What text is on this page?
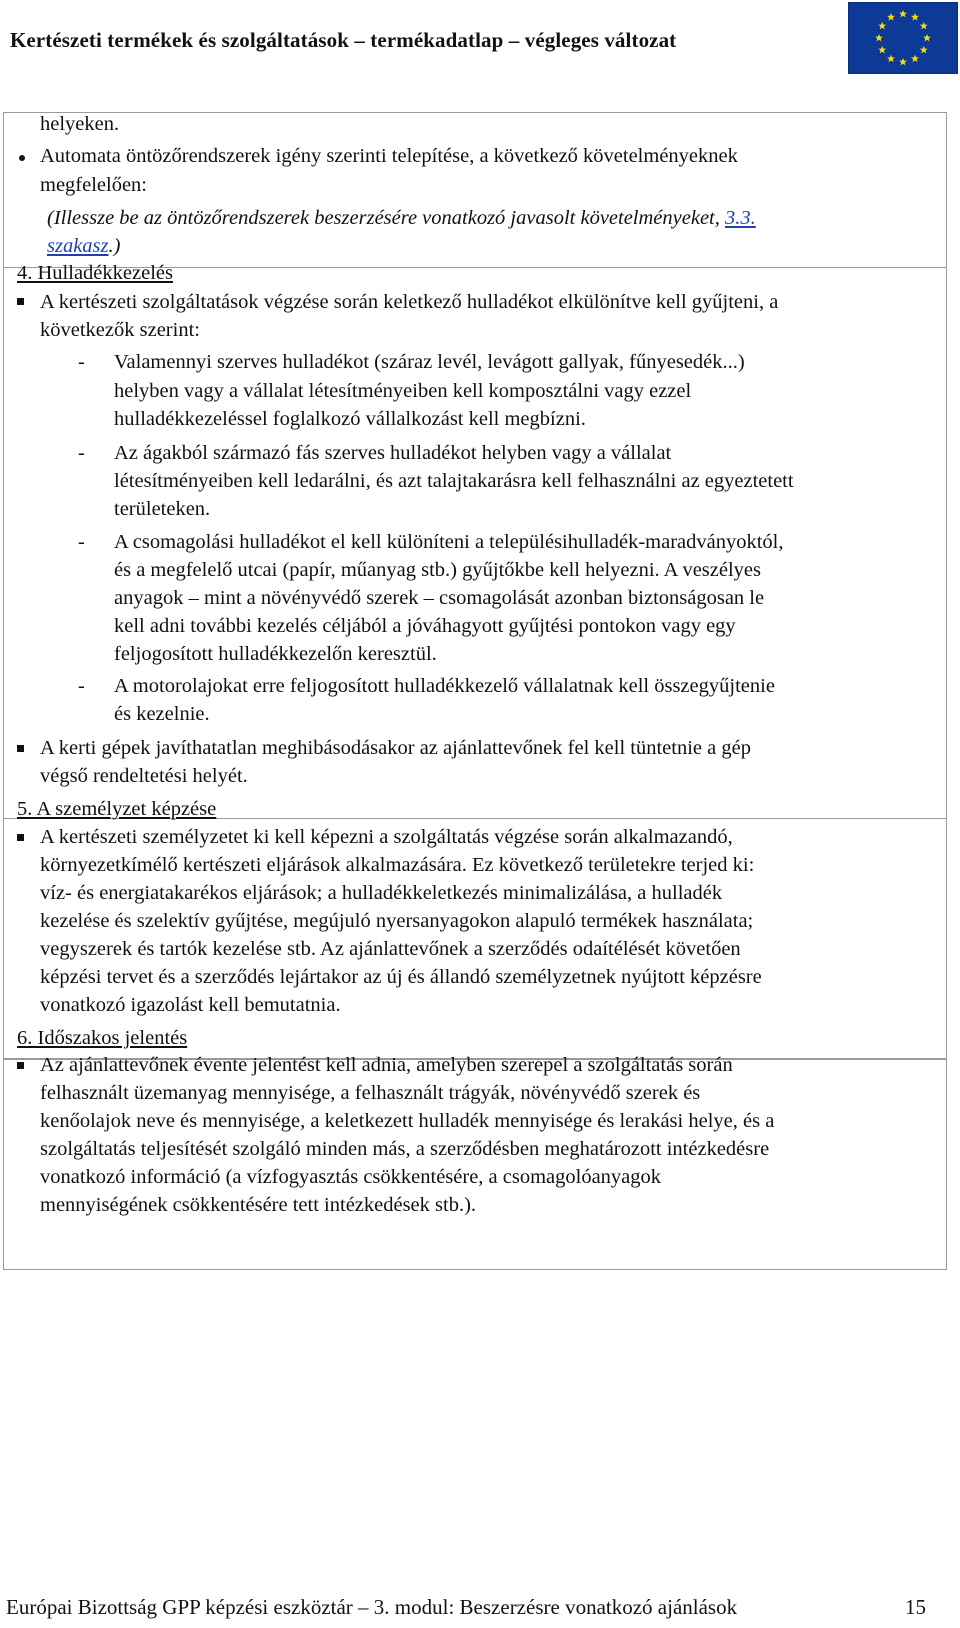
Kertészeti termékek és szolgáltatások – termékadatlap – végleges változat
helyeken.
Automata öntözőrendszerek igény szerinti telepítése, a következő követelményeknek
megfelelően:
(Illessze be az öntözőrendszerek beszerzésére vonatkozó javasolt követelményeket, 3.3.
szakasz.)
4. Hulladékkezelés
A kertészeti szolgáltatások végzése során keletkező hulladékot elkülönítve kell gyűjteni, a
következők szerint:
- Valamennyi szerves hulladékot (száraz levél, levágott gallyak, fűnyesedék...)
helyben vagy a vállalat létesítményeiben kell komposztálni vagy ezzel
hulladékkezeléssel foglalkozó vállalkozást kell megbízni.
- Az ágakból származó fás szerves hulladékot helyben vagy a vállalat
létesítményeiben kell ledarálni, és azt talajtakarásra kell felhasználni az egyeztetett
területeken.
- A csomagolási hulladékot el kell különíteni a településihulladék-maradványoktól,
és a megfelelő utcai (papír, műanyag stb.) gyűjtőkbe kell helyezni. A veszélyes
anyagok – mint a növényvédő szerek – csomagolását azonban biztonságosan le
kell adni további kezelés céljából a jóváhagyott gyűjtési pontokon vagy egy
feljogosított hulladékkezelőn keresztül.
- A motorolajokat erre feljogosított hulladékkezelő vállalatnak kell összegyűjtenie
és kezelnie.
A kerti gépek javíthatatlan meghibásodásakor az ajánlattevőnek fel kell tüntetnie a gép
végső rendeltetési helyét.
5. A személyzet képzése
A kertészeti személyzetet ki kell képezni a szolgáltatás végzése során alkalmazandó,
környezetkímélő kertészeti eljárások alkalmazására. Ez következő területekre terjed ki:
víz- és energiatakarékos eljárások; a hulladékkeletkezés minimalizálása, a hulladék
kezelése és szelektív gyűjtése, megújuló nyersanyagokon alapuló termékek használata;
vegyszerek és tartók kezelése stb. Az ajánlattevőnek a szerződés odaítélését követően
képzési tervet és a szerződés lejártakor az új és állandó személyzetnek nyújtott képzésre
vonatkozó igazolást kell bemutatnia.
6. Időszakos jelentés
Az ajánlattevőnek évente jelentést kell adnia, amelyben szerepel a szolgáltatás során
felhasznált üzemanyag mennyisége, a felhasznált trágyák, növényvédő szerek és
kenőolajok neve és mennyisége, a keletkezett hulladék mennyisége és lerakási helye, és a
szolgáltatás teljesítését szolgáló minden más, a szerződésben meghatározott intézkedésre
vonatkozó információ (a vízfogyasztás csökkentésére, a csomagolóanyagok
mennyiségének csökkentésére tett intézkedések stb.).
Európai Bizottság GPP képzési eszköztár – 3. modul: Beszerzésre vonatkozó ajánlások	15
